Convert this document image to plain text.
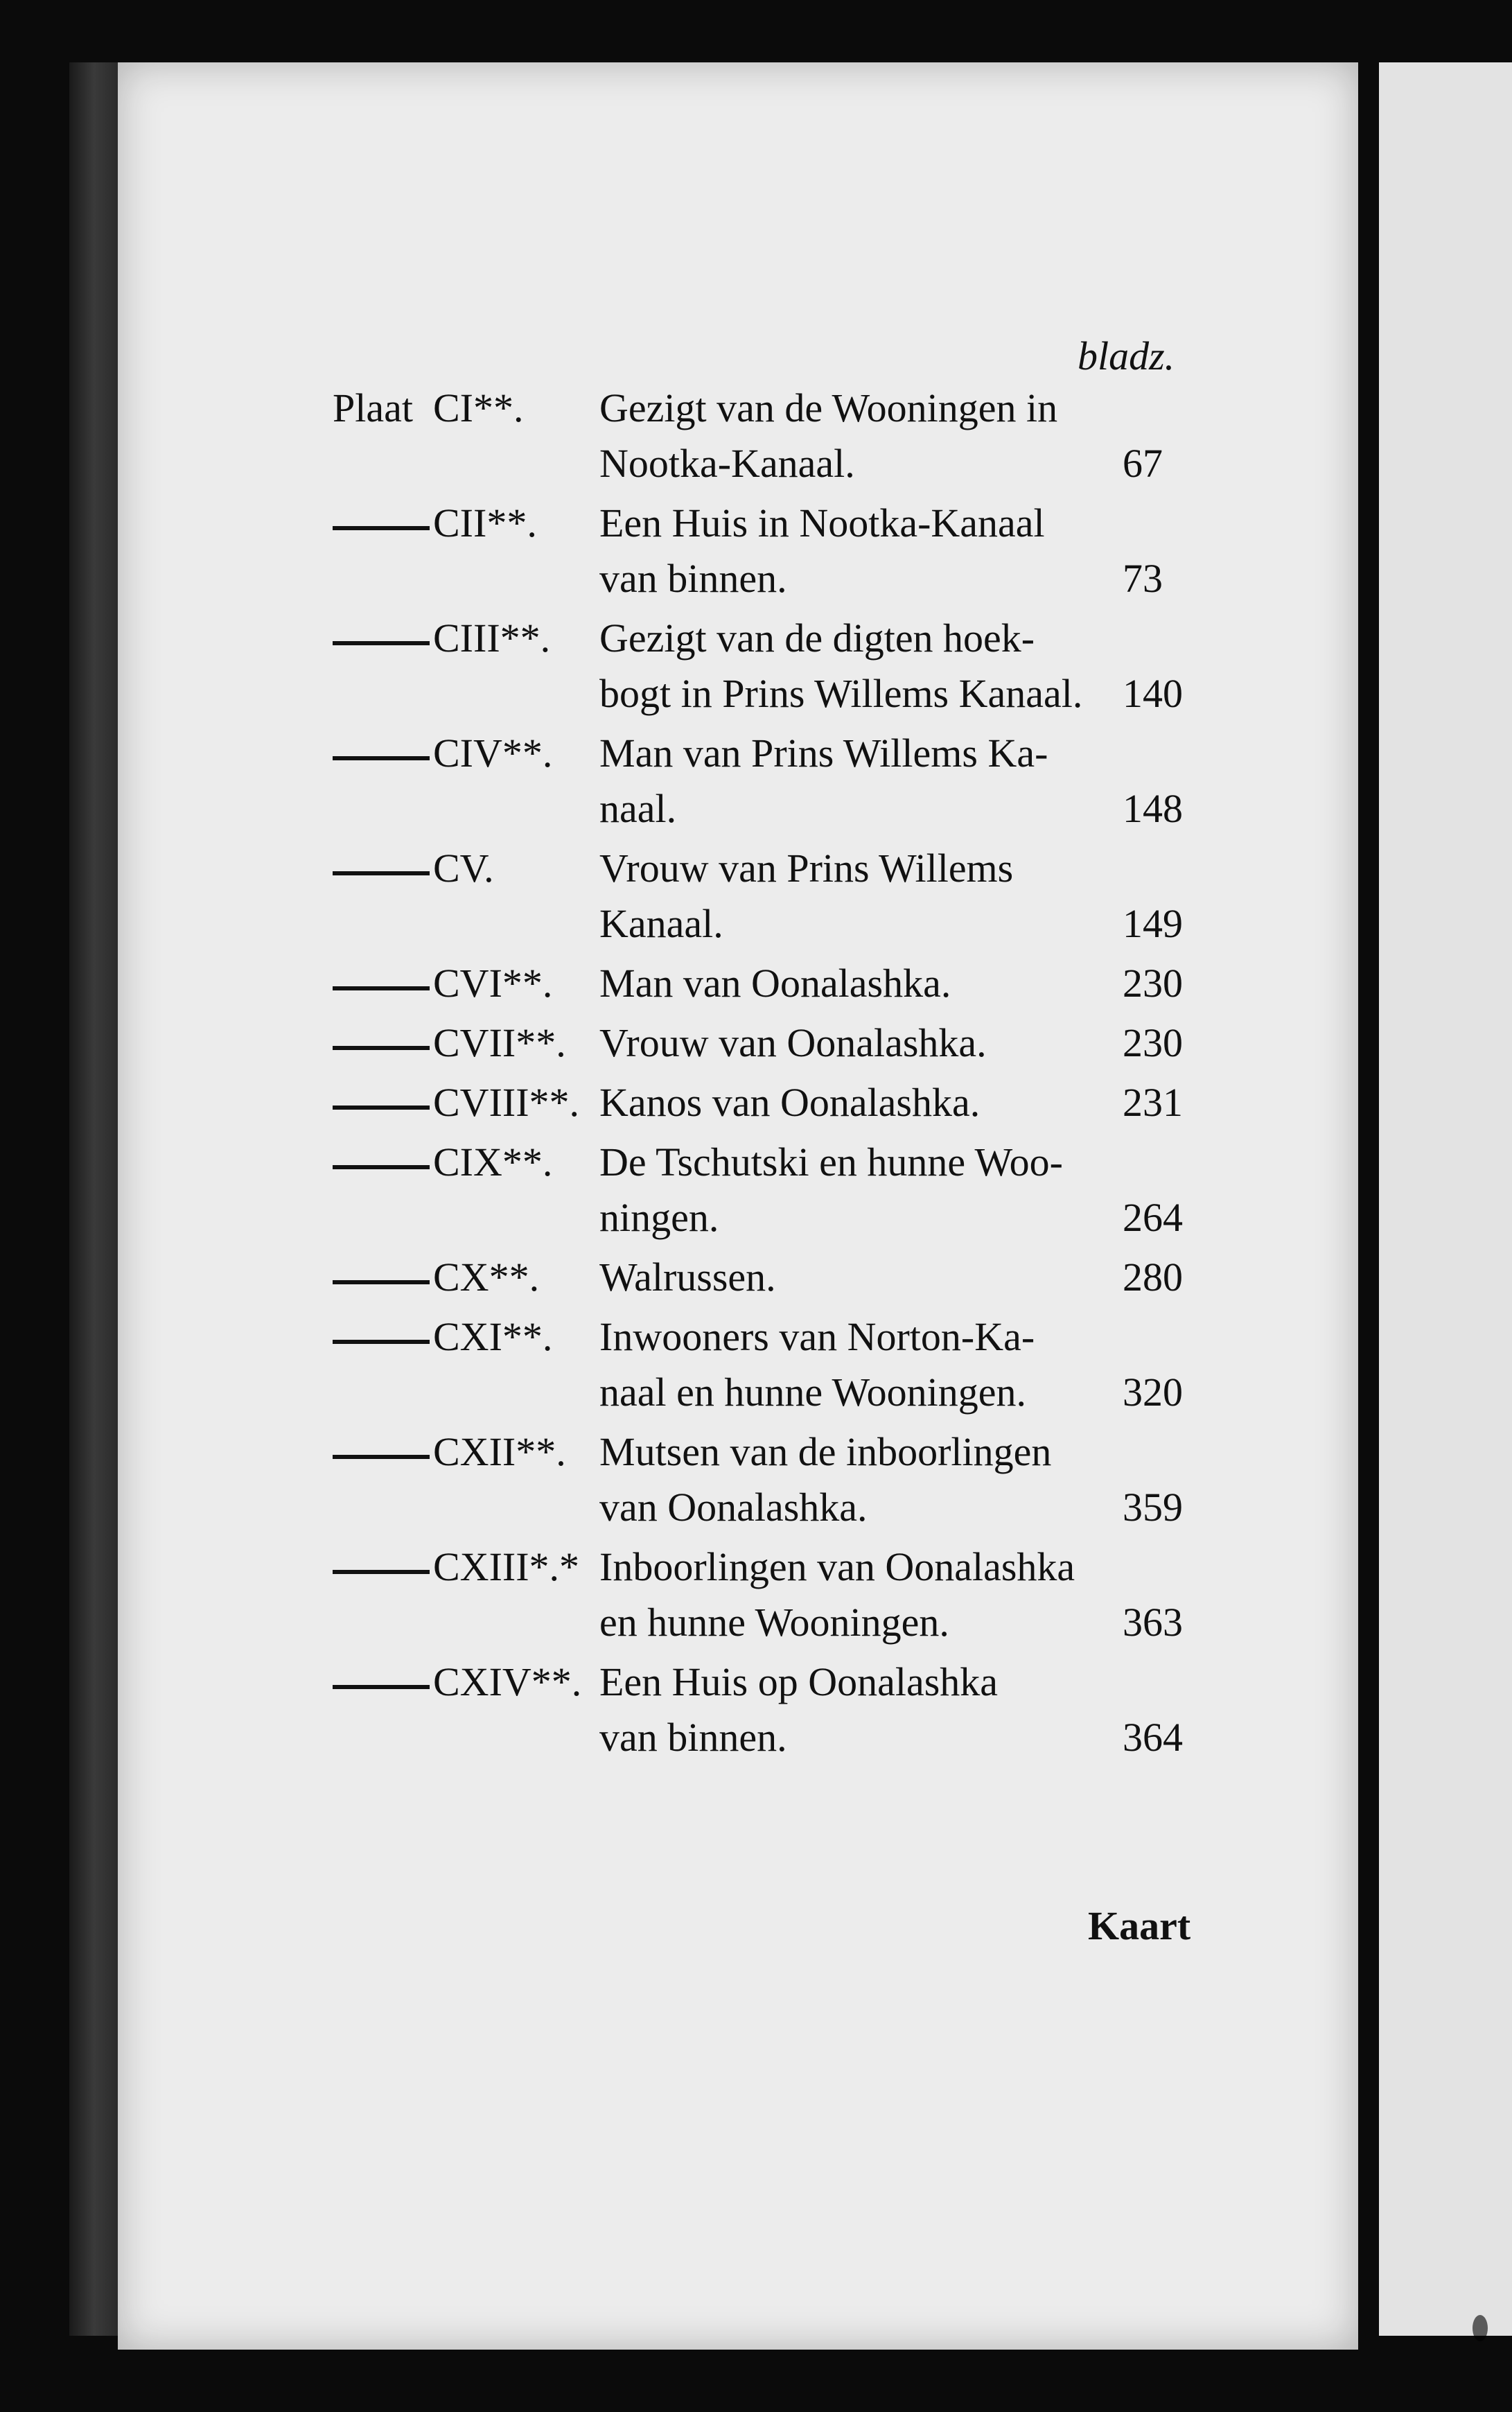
bladz.
Plaat CI**. Gezigt van de Wooningen in
Nootka-Kanaal.	67
CII**. Een Huis in Nootka-Kanaal
van binnen.	73
CIII**. Gezigt van de digten hoek-
bogt in Prins Willems Kanaal. 140
CIV**. Man van Prins Willems Ka-
naal.	148
CV.	Vrouw van Prins Willems
Kanaal.	149
CVI**. Man van Oonalashka.	230
CVII**. Vrouw van Oonalashka.	230
CVIII**. Kanos van Oonalashka.	231
CIX**. De Tschutski en hunne Woo-
ningen.	264
CX**. Walrussen.	280
CXI**. Inwooners van Norton-Ka-
naal en hunne Wooningen. 320
CXII**. Mutsen van de inboorlingen
van Oonalashka.	359
CXIII*.* Inboorlingen van Oonalashka
en hunne Wooningen.	363
CXIV**. Een Huis op Oonalashka
van binnen.	364
Kaart
